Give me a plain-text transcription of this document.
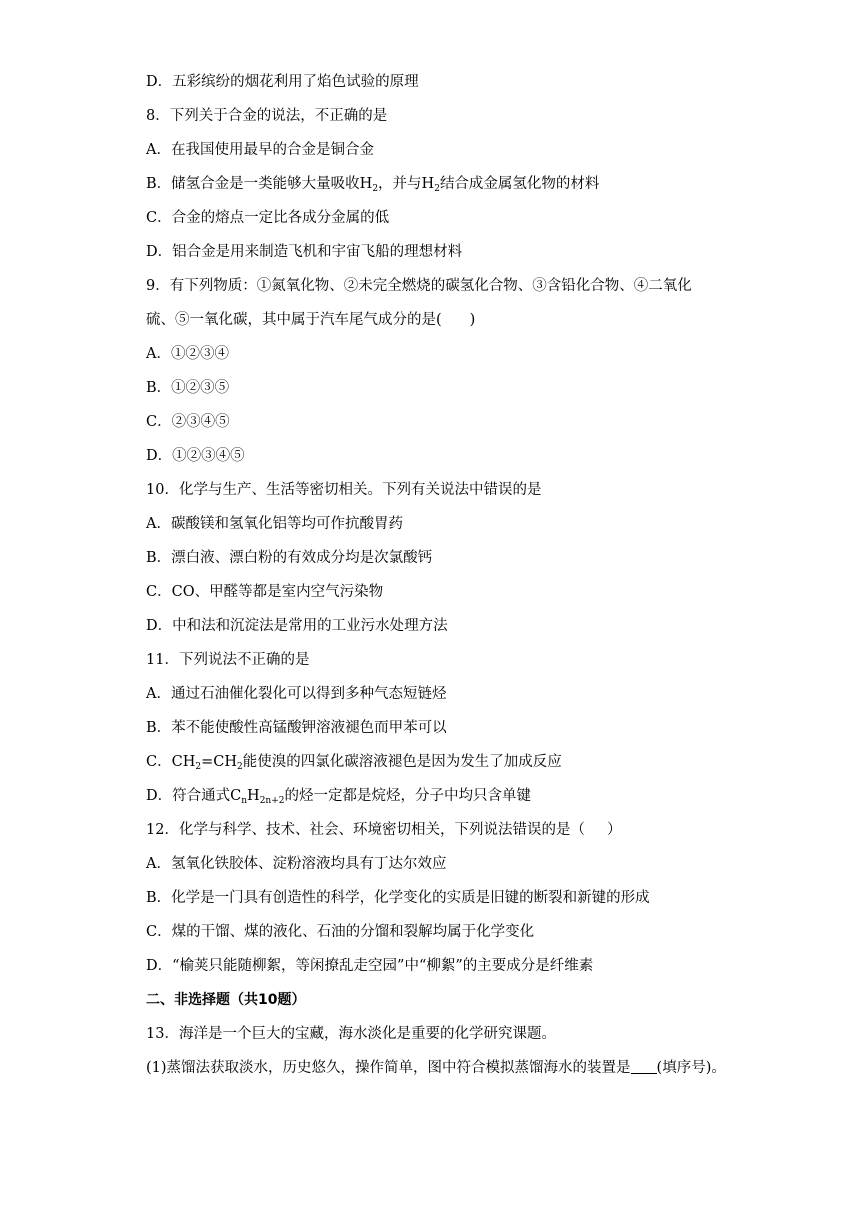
D．五彩缤纷的烟花利用了焰色试验的原理
8．下列关于合金的说法，不正确的是
A．在我国使用最早的合金是铜合金
B．储氢合金是一类能够大量吸收$H_2$，并与$H_2$结合成金属氢化物的材料
C．合金的熔点一定比各成分金属的低
D．铝合金是用来制造飞机和宇宙飞船的理想材料
9．有下列物质：①氮氧化物、②未完全燃烧的碳氢化合物、③含铅化合物、④二氧化
硫、⑤一氧化碳，其中属于汽车尾气成分的是( )
A．①②③④
B．①②③⑤
C．②③④⑤
D．①②③④⑤
10．化学与生产、生活等密切相关。下列有关说法中错误的是
A．碳酸镁和氢氧化铝等均可作抗酸胃药
B．漂白液、漂白粉的有效成分均是次氯酸钙
C．CO、甲醛等都是室内空气污染物
D．中和法和沉淀法是常用的工业污水处理方法
11．下列说法不正确的是
A．通过石油催化裂化可以得到多种气态短链烃
B．苯不能使酸性高锰酸钾溶液褪色而甲苯可以
C．$CH_2=CH_2$能使溴的四氯化碳溶液褪色是因为发生了加成反应
D．符合通式$C_nH_{2n+2}$的烃一定都是烷烃，分子中均只含单键
12．化学与科学、技术、社会、环境密切相关，下列说法错误的是（ ）
A．氢氧化铁胶体、淀粉溶液均具有丁达尔效应
B．化学是一门具有创造性的科学，化学变化的实质是旧键的断裂和新键的形成
C．煤的干馏、煤的液化、石油的分馏和裂解均属于化学变化
D．“榆荚只能随柳絮，等闲撩乱走空园”中“柳絮”的主要成分是纤维素
二、非选择题（共10题）
13．海洋是一个巨大的宝藏，海水淡化是重要的化学研究课题。
(1)蒸馏法获取淡水，历史悠久，操作简单，图中符合模拟蒸馏海水的装置是 (填序号)。
